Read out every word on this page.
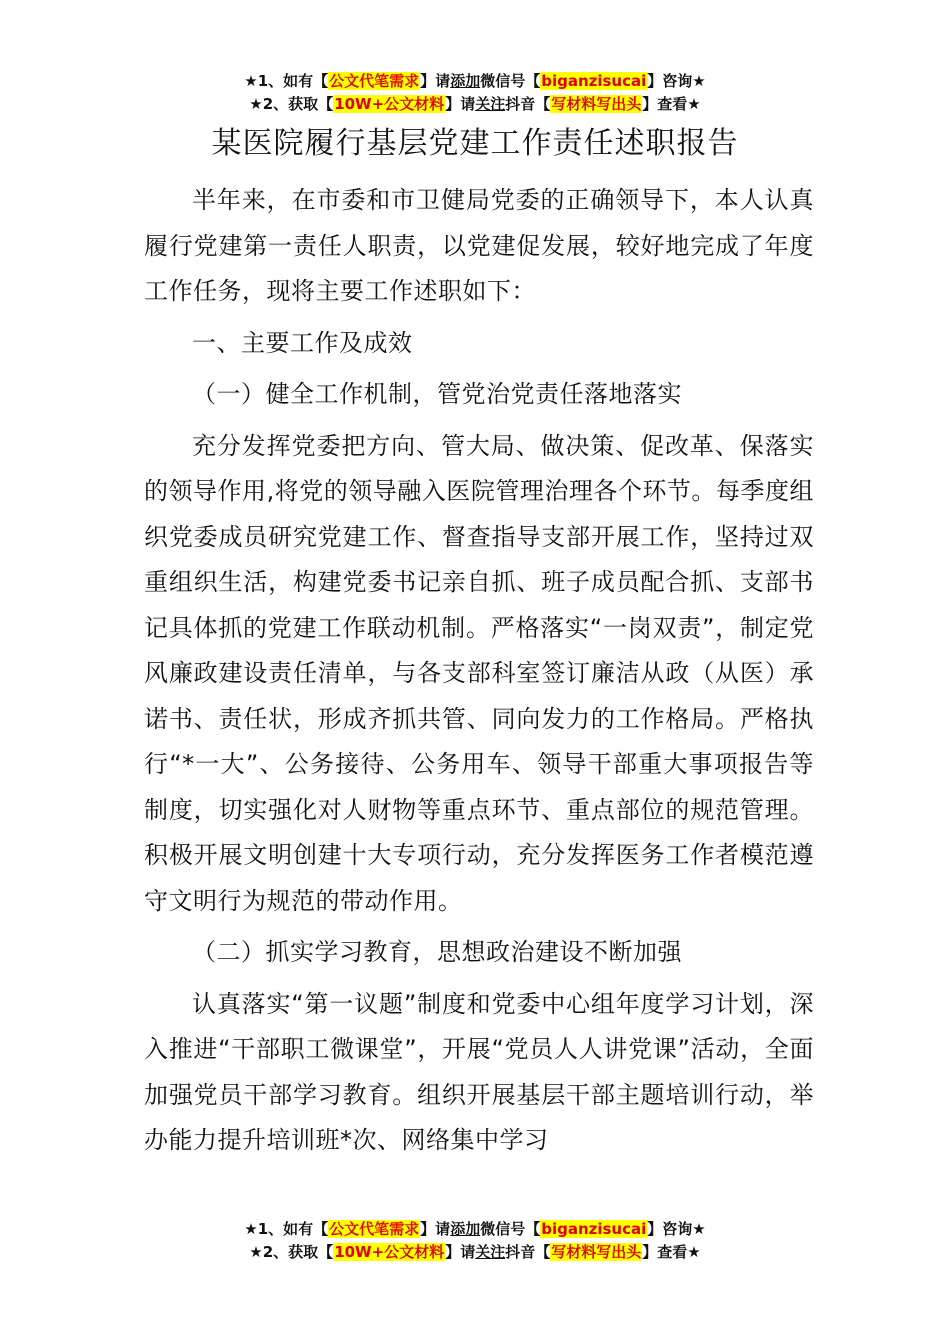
★1、如有【公文代笔需求】请添加微信号【biganzisucai】咨询★
★2、获取【10W+公文材料】请关注抖音【写材料写出头】查看★
某医院履行基层党建工作责任述职报告

半年来，在市委和市卫健局党委的正确领导下，本人认真履行党建第一责任人职责，以党建促发展，较好地完成了年度工作任务，现将主要工作述职如下：

一、主要工作及成效

（一）健全工作机制，管党治党责任落地落实

充分发挥党委把方向、管大局、做决策、促改革、保落实的领导作用,将党的领导融入医院管理治理各个环节。每季度组织党委成员研究党建工作、督查指导支部开展工作，坚持过双重组织生活，构建党委书记亲自抓、班子成员配合抓、支部书记具体抓的党建工作联动机制。严格落实“一岗双责”，制定党风廉政建设责任清单，与各支部科室签订廉洁从政（从医）承诺书、责任状，形成齐抓共管、同向发力的工作格局。严格执行“*一大”、公务接待、公务用车、领导干部重大事项报告等制度，切实强化对人财物等重点环节、重点部位的规范管理。积极开展文明创建十大专项行动，充分发挥医务工作者模范遵守文明行为规范的带动作用。

（二）抓实学习教育，思想政治建设不断加强

认真落实“第一议题”制度和党委中心组年度学习计划，深入推进“干部职工微课堂”，开展“党员人人讲党课”活动，全面加强党员干部学习教育。组织开展基层干部主题培训行动，举办能力提升培训班*次、网络集中学习

★1、如有【公文代笔需求】请添加微信号【biganzisucai】咨询★
★2、获取【10W+公文材料】请关注抖音【写材料写出头】查看★
